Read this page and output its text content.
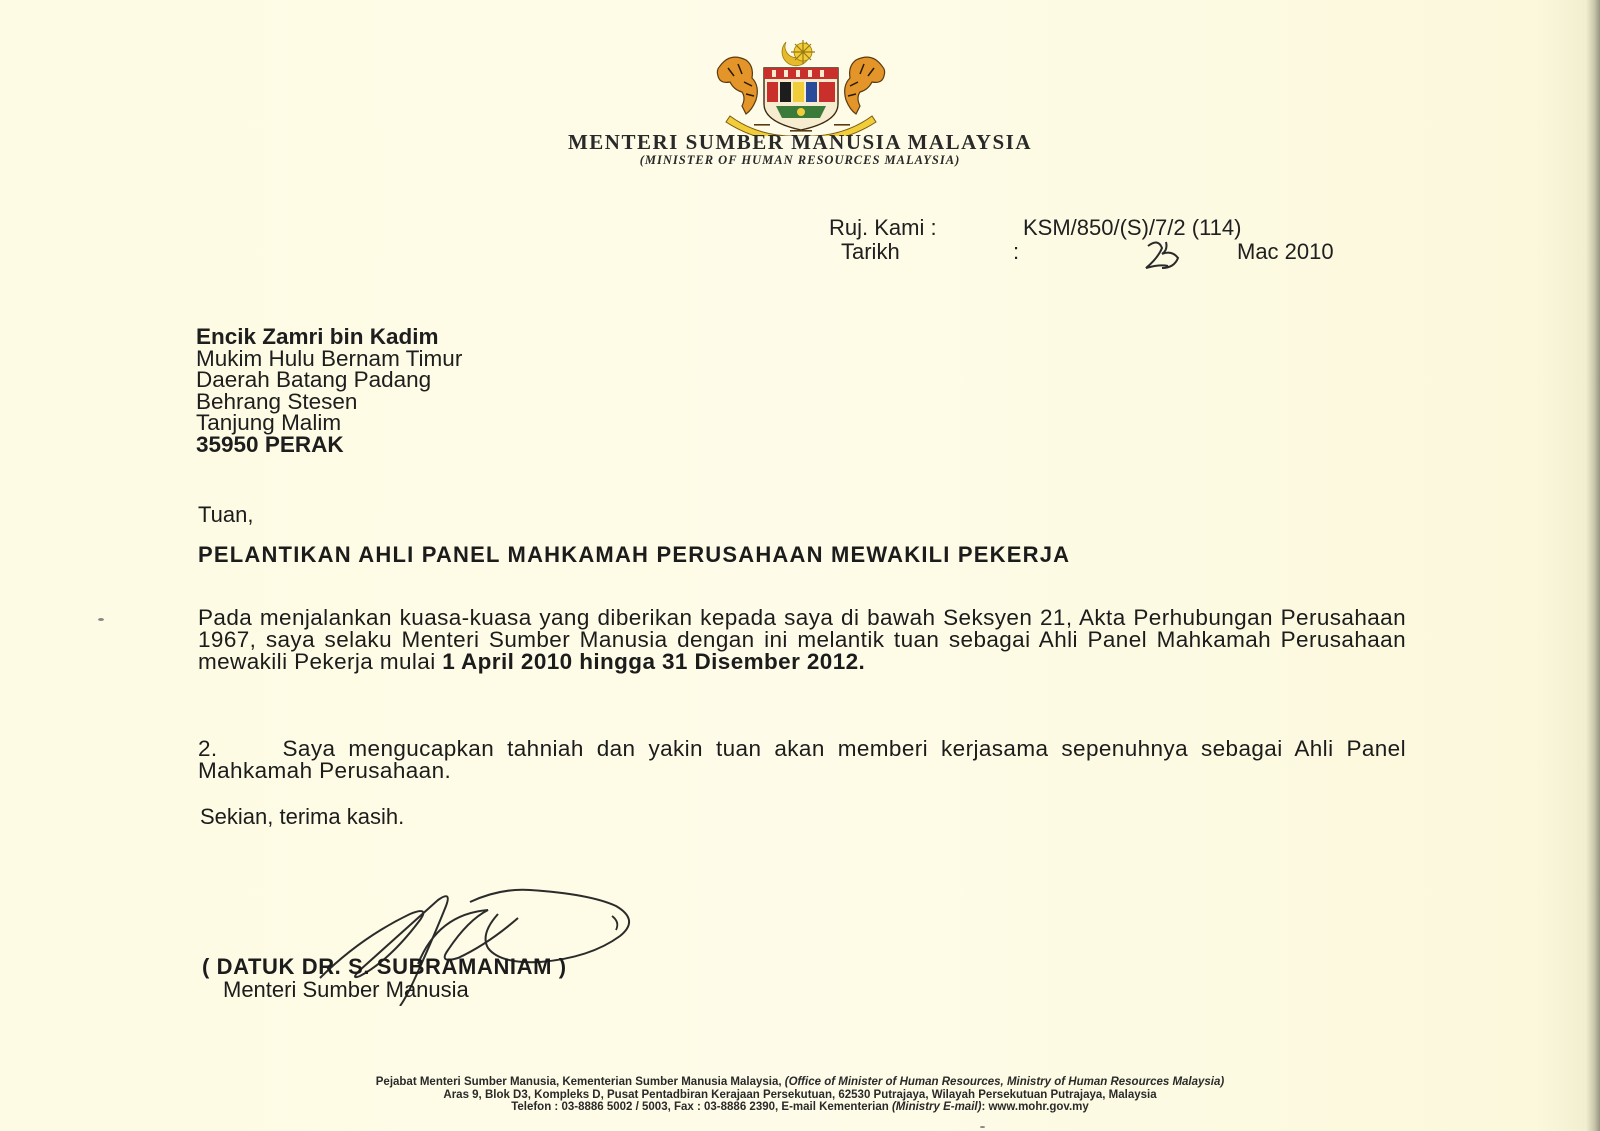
MENTERI SUMBER MANUSIA MALAYSIA
(MINISTER OF HUMAN RESOURCES MALAYSIA)
Ruj. Kami :	KSM/850/(S)/7/2 (114)
Tarikh	:	Mac 2010
Encik Zamri bin Kadim
Mukim Hulu Bernam Timur
Daerah Batang Padang
Behrang Stesen
Tanjung Malim
35950 PERAK
Tuan,
PELANTIKAN AHLI PANEL MAHKAMAH PERUSAHAAN MEWAKILI PEKERJA
Pada menjalankan kuasa-kuasa yang diberikan kepada saya di bawah Seksyen 21, Akta Perhubungan Perusahaan 1967, saya selaku Menteri Sumber Manusia dengan ini melantik tuan sebagai Ahli Panel Mahkamah Perusahaan mewakili Pekerja mulai 1 April 2010 hingga 31 Disember 2012.
2.	Saya mengucapkan tahniah dan yakin tuan akan memberi kerjasama sepenuhnya sebagai Ahli Panel Mahkamah Perusahaan.
Sekian, terima kasih.
( DATUK DR. S. SUBRAMANIAM )
Menteri Sumber Manusia
Pejabat Menteri Sumber Manusia, Kementerian Sumber Manusia Malaysia, (Office of Minister of Human Resources, Ministry of Human Resources Malaysia)
Aras 9, Blok D3, Kompleks D, Pusat Pentadbiran Kerajaan Persekutuan, 62530 Putrajaya, Wilayah Persekutuan Putrajaya, Malaysia
Telefon : 03-8886 5002 / 5003, Fax : 03-8886 2390, E-mail Kementerian (Ministry E-mail): www.mohr.gov.my
